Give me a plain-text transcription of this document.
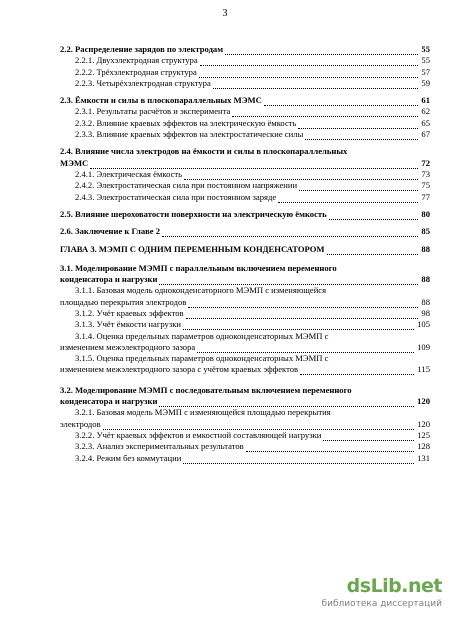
3
2.2. Распределение зарядов по электродам	55
2.2.1. Двухэлектродная структура	55
2.2.2. Трёхэлектродная структура	57
2.2.3. Четырёхэлектродная структура	59
2.3. Ёмкости и силы в плоскопараллельных МЭМС	61
2.3.1. Результаты расчётов и эксперимента	62
2.3.2. Влияние краевых эффектов на электрическую ёмкость	65
2.3.3. Влияние краевых эффектов на электростатические силы	67
2.4. Влияние числа электродов на ёмкости и силы в плоскопараллельных
МЭМС	72
2.4.1. Электрическая ёмкость	73
2.4.2. Электростатическая сила при постоянном напряжении	75
2.4.3. Электростатическая сила при постоянном заряде	77
2.5. Влияние шероховатости поверхности на электрическую ёмкость	80
2.6. Заключение к Главе 2	85
ГЛАВА 3. МЭМП С ОДНИМ ПЕРЕМЕННЫМ КОНДЕНСАТОРОМ	88
3.1. Моделирование МЭМП с параллельным включением переменного
конденсатора и нагрузки	88
3.1.1. Базовая модель одноконденсаторного МЭМП с изменяющейся
площадью перекрытия электродов	88
3.1.2. Учёт краевых эффектов	98
3.1.3. Учёт ёмкости нагрузки	105
3.1.4. Оценка предельных параметров одноконденсаторных МЭМП с
изменением межэлектродного зазора	109
3.1.5. Оценка предельных параметров одноконденсаторных МЭМП с
изменением межэлектродного зазора с учётом краевых эффектов	115
3.2. Моделирование МЭМП с последовательным включением переменного
конденсатора и нагрузки	120
3.2.1. Базовая модель МЭМП с изменяющейся площадью перекрытия
электродов	120
3.2.2. Учёт краевых эффектов и емкостной составляющей нагрузки	125
3.2.3. Анализ экспериментальных результатов	128
3.2.4. Режим без коммутации	131
dsLib.net
библиотека диссертаций
